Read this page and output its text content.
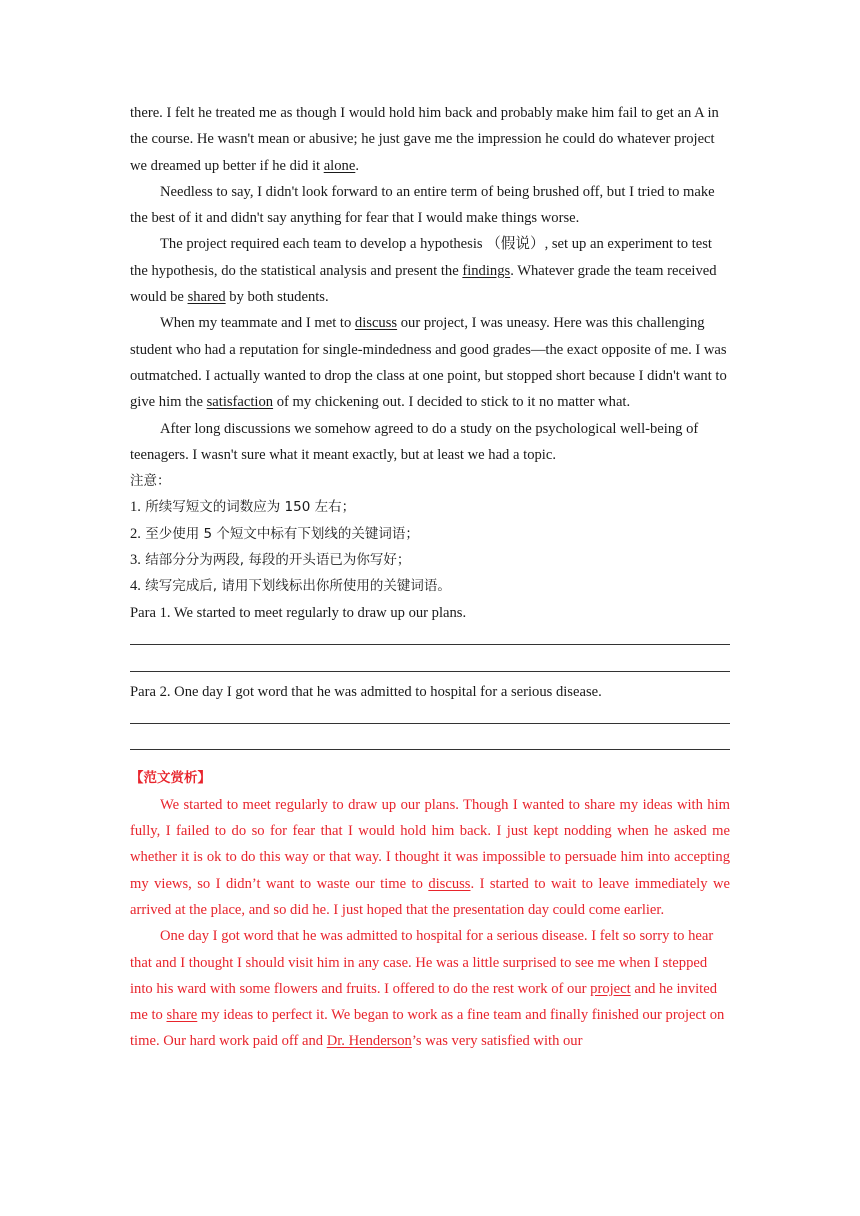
there. I felt he treated me as though I would hold him back and probably make him fail to get an A in the course. He wasn't mean or abusive; he just gave me the impression he could do whatever project we dreamed up better if he did it alone.

Needless to say, I didn't look forward to an entire term of being brushed off, but I tried to make the best of it and didn't say anything for fear that I would make things worse.

The project required each team to develop a hypothesis （假说）, set up an experiment to test the hypothesis, do the statistical analysis and present the findings. Whatever grade the team received would be shared by both students.

When my teammate and I met to discuss our project, I was uneasy. Here was this challenging student who had a reputation for single-mindedness and good grades—the exact opposite of me. I was outmatched. I actually wanted to drop the class at one point, but stopped short because I didn't want to give him the satisfaction of my chickening out. I decided to stick to it no matter what.

After long discussions we somehow agreed to do a study on the psychological well-being of teenagers. I wasn't sure what it meant exactly, but at least we had a topic.

注意：

1. 所续写短文的词数应为 150 左右；

2. 至少使用 5 个短文中标有下划线的关键词语；

3. 结部分分为两段, 每段的开头语已为你写好；

4. 续写完成后, 请用下划线标出你所使用的关键词语。

Para 1. We started to meet regularly to draw up our plans.

Para 2. One day I got word that he was admitted to hospital for a serious disease.

【范文赏析】

We started to meet regularly to draw up our plans. Though I wanted to share my ideas with him fully, I failed to do so for fear that I would hold him back. I just kept nodding when he asked me whether it is ok to do this way or that way. I thought it was impossible to persuade him into accepting my views, so I didn’t want to waste our time to discuss. I started to wait to leave immediately we arrived at the place, and so did he. I just hoped that the presentation day could come earlier.

One day I got word that he was admitted to hospital for a serious disease. I felt so sorry to hear that and I thought I should visit him in any case. He was a little surprised to see me when I stepped into his ward with some flowers and fruits. I offered to do the rest work of our project and he invited me to share my ideas to perfect it. We began to work as a fine team and finally finished our project on time. Our hard work paid off and Dr. Henderson’s was very satisfied with our
